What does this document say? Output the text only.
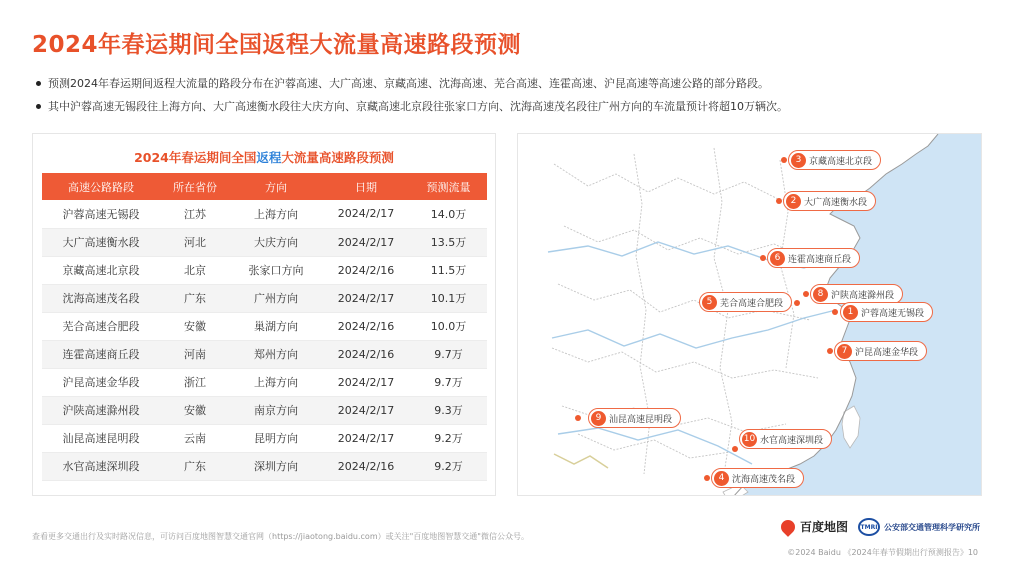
2024年春运期间全国返程大流量高速路段预测
预测2024年春运期间返程大流量的路段分布在沪蓉高速、大广高速、京藏高速、沈海高速、芜合高速、连霍高速、沪昆高速等高速公路的部分路段。
其中沪蓉高速无锡段往上海方向、大广高速衡水段往大庆方向、京藏高速北京段往张家口方向、沈海高速茂名段往广州方向的车流量预计将超10万辆次。
2024年春运期间全国返程大流量高速路段预测
高速公路路段	所在省份	方向	日期	预测流量
沪蓉高速无锡段	江苏	上海方向	2024/2/17	14.0万
大广高速衡水段	河北	大庆方向	2024/2/17	13.5万
京藏高速北京段	北京	张家口方向	2024/2/16	11.5万
沈海高速茂名段	广东	广州方向	2024/2/17	10.1万
芜合高速合肥段	安徽	巢湖方向	2024/2/16	10.0万
连霍高速商丘段	河南	郑州方向	2024/2/16	9.7万
沪昆高速金华段	浙江	上海方向	2024/2/17	9.7万
沪陕高速滁州段	安徽	南京方向	2024/2/17	9.3万
汕昆高速昆明段	云南	昆明方向	2024/2/17	9.2万
水官高速深圳段	广东	深圳方向	2024/2/16	9.2万
3 京藏高速北京段
2 大广高速衡水段
6 连霍高速商丘段
8 沪陕高速滁州段
5 芜合高速合肥段
1 沪蓉高速无锡段
7 沪昆高速金华段
9 汕昆高速昆明段
10 水官高速深圳段
4 沈海高速茂名段
查看更多交通出行及实时路况信息，可访问百度地图智慧交通官网（https://jiaotong.baidu.com）或关注"百度地图智慧交通"微信公众号。
百度地图	TMRI 公安部交通管理科学研究所
©2024 Baidu 《2024年春节假期出行预测报告》10
